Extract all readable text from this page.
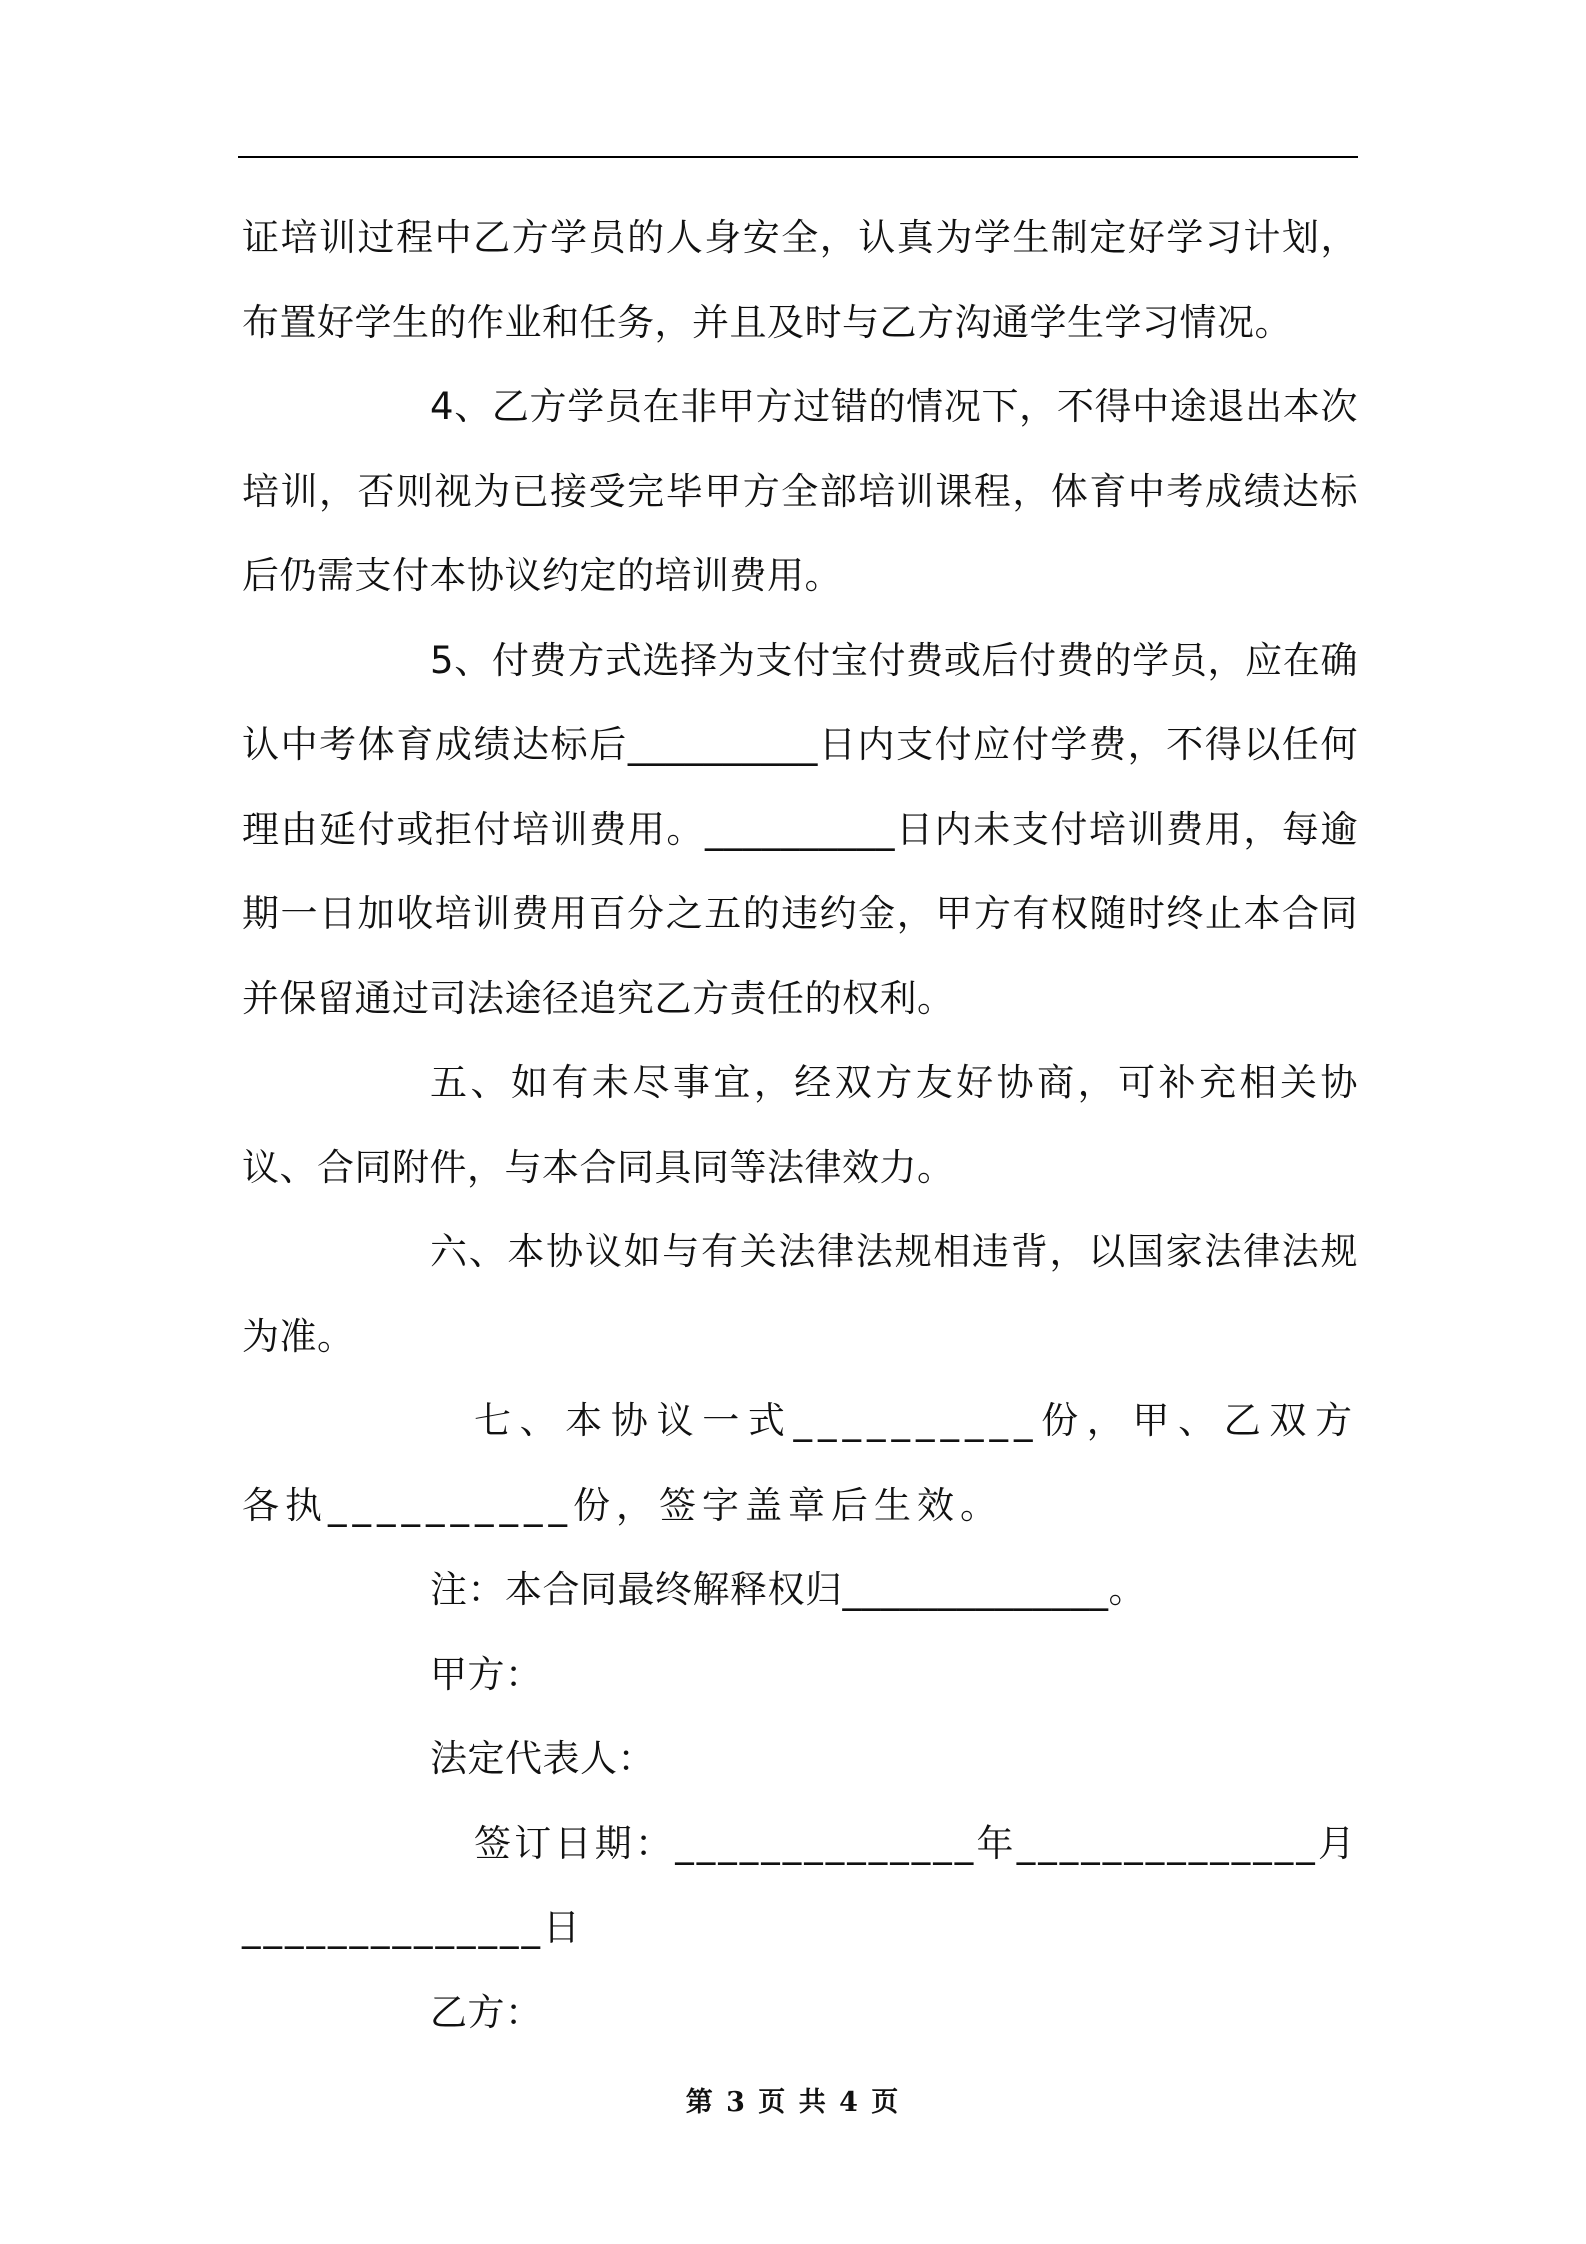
证培训过程中乙方学员的人身安全，认真为学生制定好学习计划，布置好学生的作业和任务，并且及时与乙方沟通学生学习情况。

4、乙方学员在非甲方过错的情况下，不得中途退出本次培训，否则视为已接受完毕甲方全部培训课程，体育中考成绩达标后仍需支付本协议约定的培训费用。

5、付费方式选择为支付宝付费或后付费的学员，应在确认中考体育成绩达标后__________日内支付应付学费，不得以任何理由延付或拒付培训费用。__________日内未支付培训费用，每逾期一日加收培训费用百分之五的违约金，甲方有权随时终止本合同并保留通过司法途径追究乙方责任的权利。

五、如有未尽事宜，经双方友好协商，可补充相关协议、合同附件，与本合同具同等法律效力。

六、本协议如与有关法律法规相违背，以国家法律法规为准。

七、本协议一式__________份，甲、乙双方各执__________份，签字盖章后生效。

注：本合同最终解释权归______________。

甲方：

法定代表人：

签订日期：______________年______________月______________日

乙方：

第 3 页 共 4 页
